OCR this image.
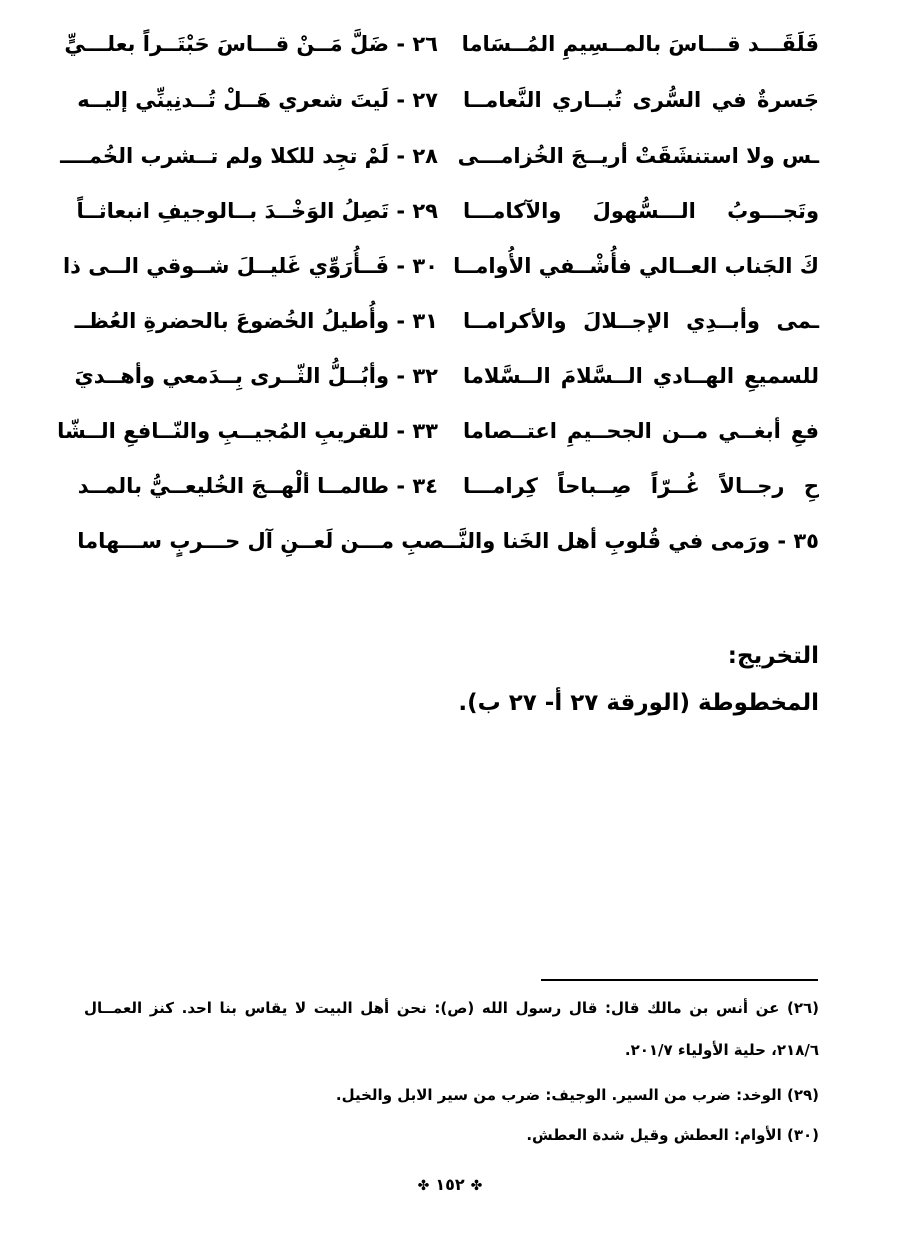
٢٦ - ضَلَّ مَــنْ قـــاسَ حَبْتَــراً بعلـــيٍّ	فَلَقَـــد قـــاسَ بالمــسِيمِ المُــسَاما
٢٧ - لَيتَ شعري هَــلْ تُــدنِينِّي إليــه	جَسرةٌ في السُّرى تُبــاري النَّعامــا
٢٨ - لَمْ تجِد للكلا ولم تــشرب الخُمــــ	ـس ولا استنشَقَتْ أريــجَ الخُزامـــى
٢٩ - تَصِلُ الوَخْــدَ بــالوجيفِ انبعاثــاً	وتَجـــوبُ الـــسُّهولَ والآكامـــا
٣٠ - فَــأُرَوِّي غَليــلَ شــوقي الــى ذا	كَ الجَناب العــالي فأُشْــفي الأُوامــا
٣١ - وأُطيلُ الخُضوعَ بالحضرةِ العُظــ	ـمى وأبــدِي الإجــلالَ والأكرامــا
٣٢ - وأبُــلُّ الثّــرى بِــدَمعي وأهــديَ	للسميعِ الهــادي الــسَّلامَ الــسَّلاما
٣٣ - للقريبِ المُجيــبِ والنّــافعِ الــشّا	فعِ أبغــي مــن الجحــيمِ اعتــصاما
٣٤ - طالمــا ألْهــجَ الخُليعــيُّ بالمــد	حِ رجــالاً غُــرّاً صِــباحاً كِرامـــا
٣٥ - ورَمى في قُلوبِ أهل الخَنا والنَّــصبِ مـــن لَعــنِ آل حـــربٍ ســـهاما
التخريج:
المخطوطة (الورقة ٢٧ أ- ٢٧ ب).
(٢٦) عن أنس بن مالك قال: قال رسول الله (ص): نحن أهل البيت لا يقاس بنا احد. كنز العمــال
٢١٨/٦، حلية الأولياء ٢٠١/٧.
(٢٩) الوخد: ضرب من السير. الوجيف: ضرب من سير الابل والخيل.
(٣٠) الأوام: العطش وقيل شدة العطش.
✤١٥٢✤
